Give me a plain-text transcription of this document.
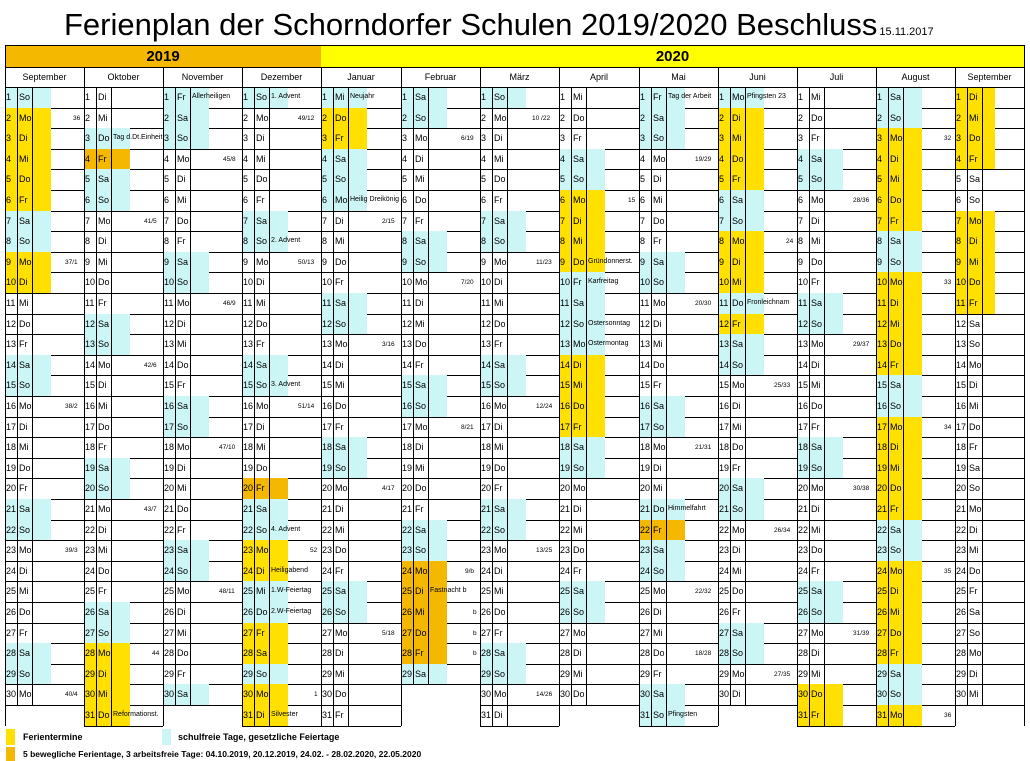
Ferienplan der Schorndorfer Schulen 2019/2020 Beschluss 15.11.2017
2019	2020
September
1 So
2 Mo	36
3 Di
4 Mi
5 Do
6 Fr
7 Sa
8 So
9 Mo	37/1
10 Di
11 Mi
12 Do
13 Fr
14 Sa
15 So
16 Mo	38/2
17 Di
18 Mi
19 Do
20 Fr
21 Sa
22 So
23 Mo	39/3
24 Di
25 Mi
26 Do
27 Fr
28 Sa
29 So
30 Mo	40/4
Oktober
1 Di
2 Mi
3 Do Tag d.Dt.Einheit
4 Fr
5 Sa
6 So
7 Mo	41/5
8 Di
9 Mi
10 Do
11 Fr
12 Sa
13 So
14 Mo	42/6
15 Di
16 Mi
17 Do
18 Fr
19 Sa
20 So
21 Mo	43/7
22 Di
23 Mi
24 Do
25 Fr
26 Sa
27 So
28 Mo	44
29 Di
30 Mi
31 Do Reformationst.
November
1 Fr Allerheiligen
2 Sa
3 So
4 Mo	45/8
5 Di
6 Mi
7 Do
8 Fr
9 Sa
10 So
11 Mo	46/9
12 Di
13 Mi
14 Do
15 Fr
16 Sa
17 So
18 Mo	47/10
19 Di
20 Mi
21 Do
22 Fr
23 Sa
24 So
25 Mo	48/11
26 Di
27 Mi
28 Do
29 Fr
30 Sa
Dezember
1 So 1. Advent
2 Mo	49/12
3 Di
4 Mi
5 Do
6 Fr
7 Sa
8 So 2. Advent
9 Mo	50/13
10 Di
11 Mi
12 Do
13 Fr
14 Sa
15 So 3. Advent
16 Mo	51/14
17 Di
18 Mi
19 Do
20 Fr
21 Sa
22 So 4. Advent
23 Mo	52
24 Di Heiligabend
25 Mi 1.W-Feiertag
26 Do 2.W-Feiertag
27 Fr
28 Sa
29 So
30 Mo	1
31 Di Silvester
Januar
1 Mi Neujahr
2 Do
3 Fr
4 Sa
5 So
6 Mo Heilig Dreikönig
7 Di	2/15
8 Mi
9 Do
10 Fr
11 Sa
12 So
13 Mo	3/16
14 Di
15 Mi
16 Do
17 Fr
18 Sa
19 So
20 Mo	4/17
21 Di
22 Mi
23 Do
24 Fr
25 Sa
26 So
27 Mo	5/18
28 Di
29 Mi
30 Do
31 Fr
Februar
1 Sa
2 So
3 Mo	6/19
4 Di
5 Mi
6 Do
7 Fr
8 Sa
9 So
10 Mo	7/20
11 Di
12 Mi
13 Do
14 Fr
15 Sa
16 So
17 Mo	8/21
18 Di
19 Mi
20 Do
21 Fr
22 Sa
23 So
24 Mo	9/b
25 Di Fastnacht b
26 Mi	b
27 Do	b
28 Fr	b
29 Sa
März
1 So
2 Mo	10 /22
3 Di
4 Mi
5 Do
6 Fr
7 Sa
8 So
9 Mo	11/23
10 Di
11 Mi
12 Do
13 Fr
14 Sa
15 So
16 Mo	12/24
17 Di
18 Mi
19 Do
20 Fr
21 Sa
22 So
23 Mo	13/25
24 Di
25 Mi
26 Do
27 Fr
28 Sa
29 So
30 Mo	14/26
31 Di
April
1 Mi
2 Do
3 Fr
4 Sa
5 So
6 Mo	15
7 Di
8 Mi
9 Do Gründonnerst.
10 Fr Karfreitag
11 Sa
12 So Ostersonntag
13 Mo Ostermontag
14 Di
15 Mi
16 Do
17 Fr
18 Sa
19 So
20 Mo
21 Di
22 Mi
23 Do
24 Fr
25 Sa
26 So
27 Mo
28 Di
29 Mi
30 Do
Mai
1 Fr Tag der Arbeit
2 Sa
3 So
4 Mo	19/29
5 Di
6 Mi
7 Do
8 Fr
9 Sa
10 So
11 Mo	20/30
12 Di
13 Mi
14 Do
15 Fr
16 Sa
17 So
18 Mo	21/31
19 Di
20 Mi
21 Do Himmelfahrt
22 Fr
23 Sa
24 So
25 Mo	22/32
26 Di
27 Mi
28 Do	18/28
29 Fr
30 Sa
31 So Pfingsten
Juni
1 Mo Pfingsten 23
2 Di
3 Mi
4 Do
5 Fr
6 Sa
7 So
8 Mo	24
9 Di
10 Mi
11 Do Fronleichnam
12 Fr
13 Sa
14 So
15 Mo	25/33
16 Di
17 Mi
18 Do
19 Fr
20 Sa
21 So
22 Mo	26/34
23 Di
24 Mi
25 Do
26 Fr
27 Sa
28 So
29 Mo	27/35
30 Di
Juli
1 Mi
2 Do
3 Fr
4 Sa
5 So
6 Mo	28/36
7 Di
8 Mi
9 Do
10 Fr
11 Sa
12 So
13 Mo	29/37
14 Di
15 Mi
16 Do
17 Fr
18 Sa
19 So
20 Mo	30/38
21 Di
22 Mi
23 Do
24 Fr
25 Sa
26 So
27 Mo	31/39
28 Di
29 Mi
30 Do
31 Fr
August
1 Sa
2 So
3 Mo	32
4 Di
5 Mi
6 Do
7 Fr
8 Sa
9 So
10 Mo	33
11 Di
12 Mi
13 Do
14 Fr
15 Sa
16 So
17 Mo	34
18 Di
19 Mi
20 Do
21 Fr
22 Sa
23 So
24 Mo	35
25 Di
26 Mi
27 Do
28 Fr
29 Sa
30 So
31 Mo	36
September
1 Di
2 Mi
3 Do
4 Fr
5 Sa
6 So
7 Mo
8 Di
9 Mi
10 Do
11 Fr
12 Sa
13 So
14 Mo
15 Di
16 Mi
17 Do
18 Fr
19 Sa
20 So
21 Mo
22 Di
23 Mi
24 Do
25 Fr
26 Sa
27 So
28 Mo
29 Di
30 Mi
Ferientermine	schulfreie Tage, gesetzliche Feiertage
5 bewegliche Ferientage, 3 arbeitsfreie Tage: 04.10.2019, 20.12.2019, 24.02. - 28.02.2020, 22.05.2020
